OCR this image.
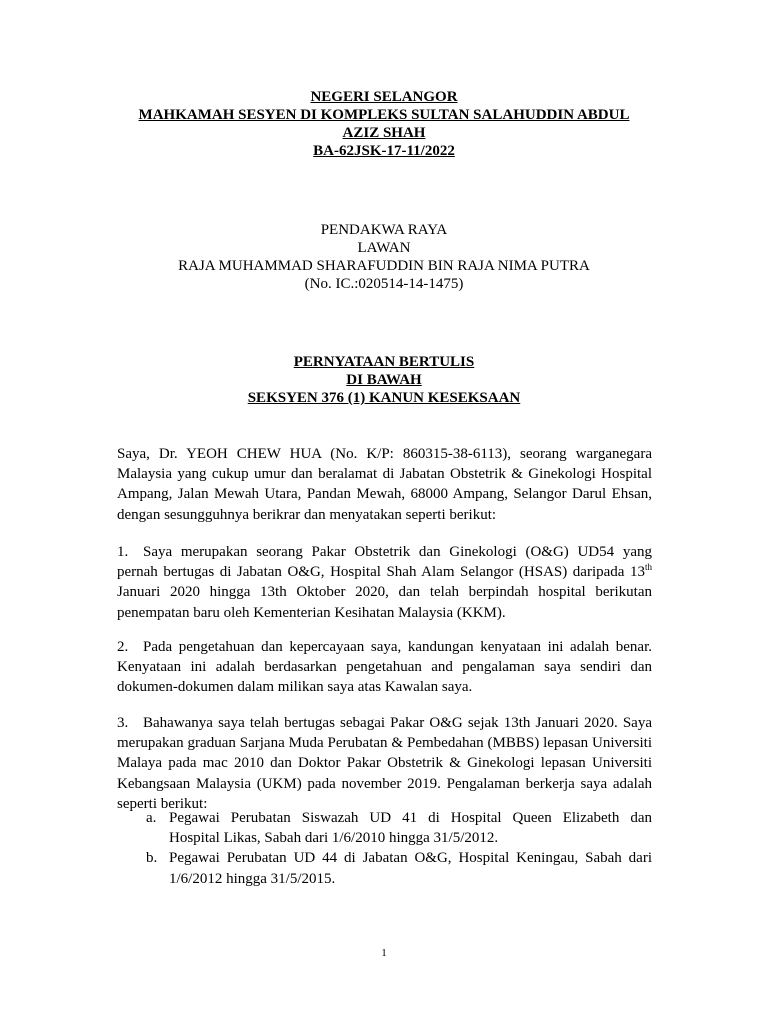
NEGERI SELANGOR
MAHKAMAH SESYEN DI KOMPLEKS SULTAN SALAHUDDIN ABDUL
AZIZ SHAH
BA-62JSK-17-11/2022
PENDAKWA RAYA
LAWAN
RAJA MUHAMMAD SHARAFUDDIN BIN RAJA NIMA PUTRA
(No. IC.:020514-14-1475)
PERNYATAAN BERTULIS
DI BAWAH
SEKSYEN 376 (1) KANUN KESEKSAAN

Saya, Dr. YEOH CHEW HUA (No. K/P: 860315-38-6113), seorang warganegara Malaysia yang cukup umur dan beralamat di Jabatan Obstetrik & Ginekologi Hospital Ampang, Jalan Mewah Utara, Pandan Mewah, 68000 Ampang, Selangor Darul Ehsan, dengan sesungguhnya berikrar dan menyatakan seperti berikut:

1. Saya merupakan seorang Pakar Obstetrik dan Ginekologi (O&G) UD54 yang pernah bertugas di Jabatan O&G, Hospital Shah Alam Selangor (HSAS) daripada 13th Januari 2020 hingga 13th Oktober 2020, dan telah berpindah hospital berikutan penempatan baru oleh Kementerian Kesihatan Malaysia (KKM).

2. Pada pengetahuan dan kepercayaan saya, kandungan kenyataan ini adalah benar. Kenyataan ini adalah berdasarkan pengetahuan and pengalaman saya sendiri dan dokumen-dokumen dalam milikan saya atas Kawalan saya.

3. Bahawanya saya telah bertugas sebagai Pakar O&G sejak 13th Januari 2020. Saya merupakan graduan Sarjana Muda Perubatan & Pembedahan (MBBS) lepasan Universiti Malaya pada mac 2010 dan Doktor Pakar Obstetrik & Ginekologi lepasan Universiti Kebangsaan Malaysia (UKM) pada november 2019. Pengalaman berkerja saya adalah seperti berikut:

a. Pegawai Perubatan Siswazah UD 41 di Hospital Queen Elizabeth dan
Hospital Likas, Sabah dari 1/6/2010 hingga 31/5/2012.
b. Pegawai Perubatan UD 44 di Jabatan O&G, Hospital Keningau, Sabah dari
1/6/2012 hingga 31/5/2015.
1
